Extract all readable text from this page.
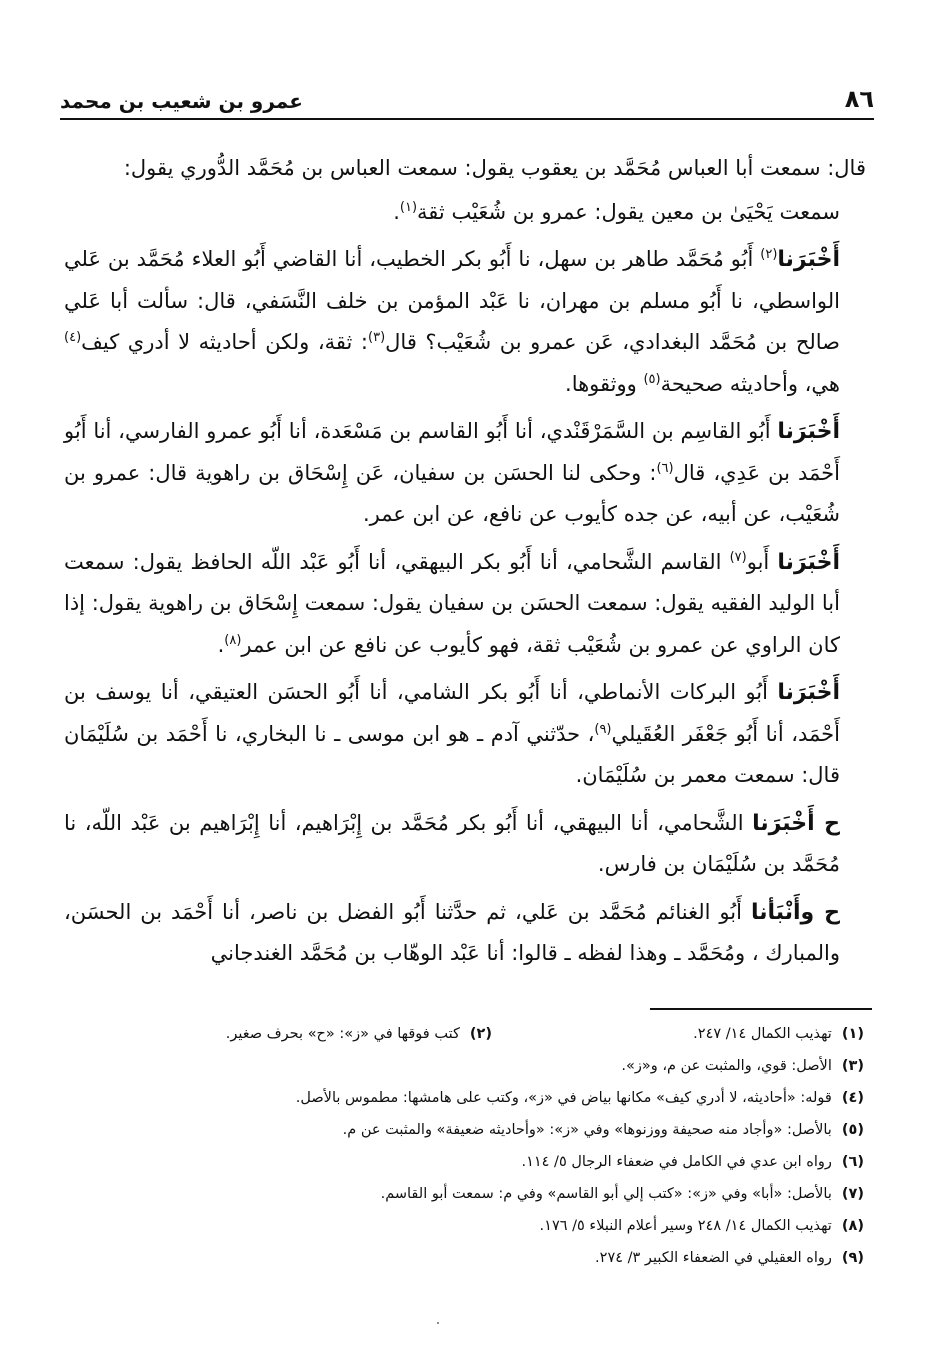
٨٦
عمرو بن شعيب بن محمد

قال: سمعت أبا العباس مُحَمَّد بن يعقوب يقول: سمعت العباس بن مُحَمَّد الدُّوري يقول:

سمعت يَحْيَىٰ بن معين يقول: عمرو بن شُعَيْب ثقة$^{(١)}$.

أَخْبَرَنا$^{(٢)}$ أَبُو مُحَمَّد طاهر بن سهل، نا أَبُو بكر الخطيب، أنا القاضي أَبُو العلاء مُحَمَّد بن عَلي الواسطي، نا أَبُو مسلم بن مهران، نا عَبْد المؤمن بن خلف النَّسَفي، قال: سألت أبا عَلي صالح بن مُحَمَّد البغدادي، عَن عمرو بن شُعَيْب؟ قال$^{(٣)}$: ثقة، ولكن أحاديثه لا أدري كيف$^{(٤)}$ هي، وأحاديثه صحيحة$^{(٥)}$ ووثقوها.

أَخْبَرَنا أَبُو القاسِم بن السَّمَرْقَنْدي، أنا أَبُو القاسم بن مَسْعَدة، أنا أَبُو عمرو الفارسي، أنا أَبُو أَحْمَد بن عَدِي، قال$^{(٦)}$: وحكى لنا الحسَن بن سفيان، عَن إِسْحَاق بن راهوية قال: عمرو بن شُعَيْب، عن أبيه، عن جده كأيوب عن نافع، عن ابن عمر.

أَخْبَرَنا أَبو$^{(٧)}$ القاسم الشَّحامي، أنا أَبُو بكر البيهقي، أنا أَبُو عَبْد اللّه الحافظ يقول: سمعت أبا الوليد الفقيه يقول: سمعت الحسَن بن سفيان يقول: سمعت إِسْحَاق بن راهوية يقول: إذا كان الراوي عن عمرو بن شُعَيْب ثقة، فهو كأيوب عن نافع عن ابن عمر$^{(٨)}$.

أَخْبَرَنا أَبُو البركات الأنماطي، أنا أَبُو بكر الشامي، أنا أَبُو الحسَن العتيقي، أنا يوسف بن أَحْمَد، أنا أَبُو جَعْفَر العُقَيلي$^{(٩)}$، حدّثني آدم ـ هو ابن موسى ـ نا البخاري، نا أَحْمَد بن سُلَيْمَان قال: سمعت معمر بن سُلَيْمَان.

ح أَخْبَرَنا الشَّحامي، أنا البيهقي، أنا أَبُو بكر مُحَمَّد بن إِبْرَاهيم، أنا إِبْرَاهيم بن عَبْد اللّه، نا مُحَمَّد بن سُلَيْمَان بن فارس.

ح وأَنْبَأنا أَبُو الغنائم مُحَمَّد بن عَلي، ثم حدَّثنا أَبُو الفضل بن ناصر، أنا أَحْمَد بن الحسَن، والمبارك ، ومُحَمَّد ـ وهذا لفظه ـ قالوا: أنا عَبْد الوهّاب بن مُحَمَّد الغندجاني

(١)تهذيب الكمال ١٤/ ٢٤٧.
(٢)كتب فوقها في «ز»: «ح» بحرف صغير.
(٣)الأصل: قوي، والمثبت عن م، و«ز».
(٤)قوله: «أحاديثه، لا أدري كيف» مكانها بياض في «ز»، وكتب على هامشها: مطموس بالأصل.
(٥)بالأصل: «وأجاد منه صحيفة ووزنوها» وفي «ز»: «وأحاديثه ضعيفة» والمثبت عن م.
(٦)رواه ابن عدي في الكامل في ضعفاء الرجال ٥/ ١١٤.
(٧)بالأصل: «أبا» وفي «ز»: «كتب إلي أبو القاسم» وفي م: سمعت أبو القاسم.
(٨)تهذيب الكمال ١٤/ ٢٤٨ وسير أعلام النبلاء ٥/ ١٧٦.
(٩)رواه العقيلي في الضعفاء الكبير ٣/ ٢٧٤.
